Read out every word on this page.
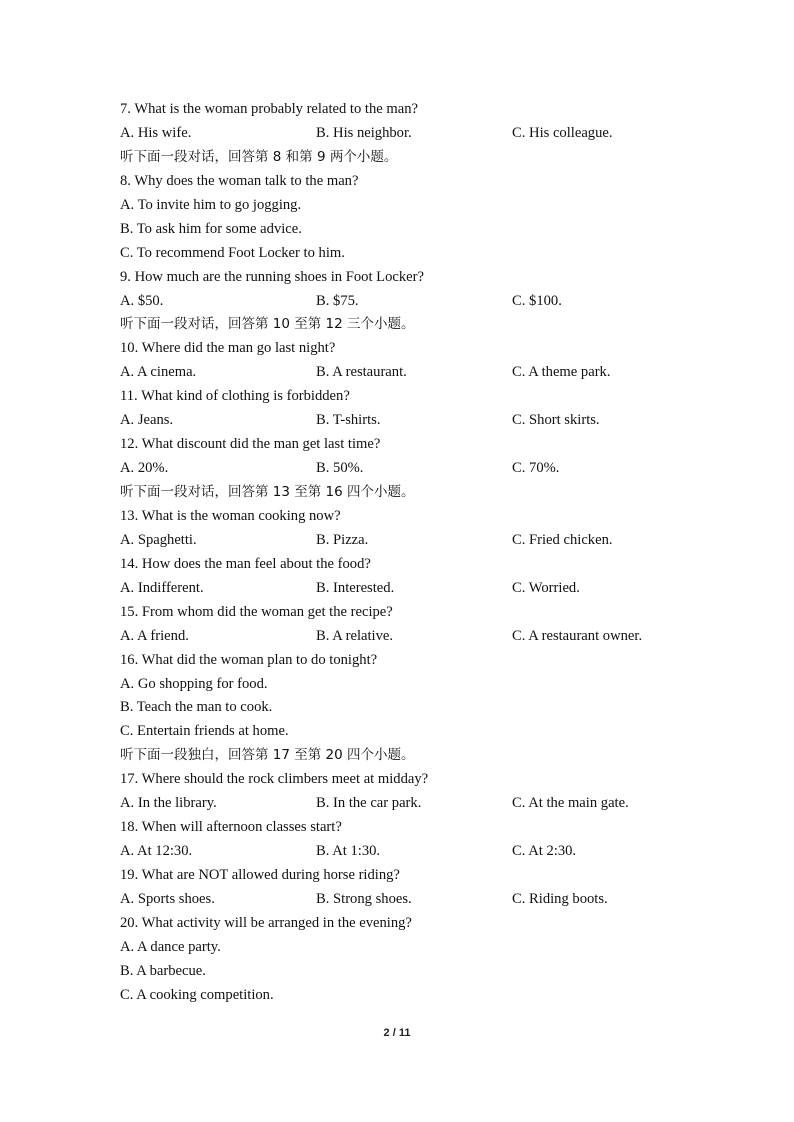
7. What is the woman probably related to the man?
A. His wife.	B. His neighbor.	C. His colleague.
听下面一段对话，回答第 8 和第 9 两个小题。
8. Why does the woman talk to the man?
A. To invite him to go jogging.
B. To ask him for some advice.
C. To recommend Foot Locker to him.
9. How much are the running shoes in Foot Locker?
A. $50.	B. $75.	C. $100.
听下面一段对话，回答第 10 至第 12 三个小题。
10. Where did the man go last night?
A. A cinema.	B. A restaurant.	C. A theme park.
11. What kind of clothing is forbidden?
A. Jeans.	B. T-shirts.	C. Short skirts.
12. What discount did the man get last time?
A. 20%.	B. 50%.	C. 70%.
听下面一段对话，回答第 13 至第 16 四个小题。
13. What is the woman cooking now?
A. Spaghetti.	B. Pizza.	C. Fried chicken.
14. How does the man feel about the food?
A. Indifferent.	B. Interested.	C. Worried.
15. From whom did the woman get the recipe?
A. A friend.	B. A relative.	C. A restaurant owner.
16. What did the woman plan to do tonight?
A. Go shopping for food.
B. Teach the man to cook.
C. Entertain friends at home.
听下面一段独白，回答第 17 至第 20 四个小题。
17. Where should the rock climbers meet at midday?
A. In the library.	B. In the car park.	C. At the main gate.
18. When will afternoon classes start?
A. At 12:30.	B. At 1:30.	C. At 2:30.
19. What are NOT allowed during horse riding?
A. Sports shoes.	B. Strong shoes.	C. Riding boots.
20. What activity will be arranged in the evening?
A. A dance party.
B. A barbecue.
C. A cooking competition.
2 / 11
